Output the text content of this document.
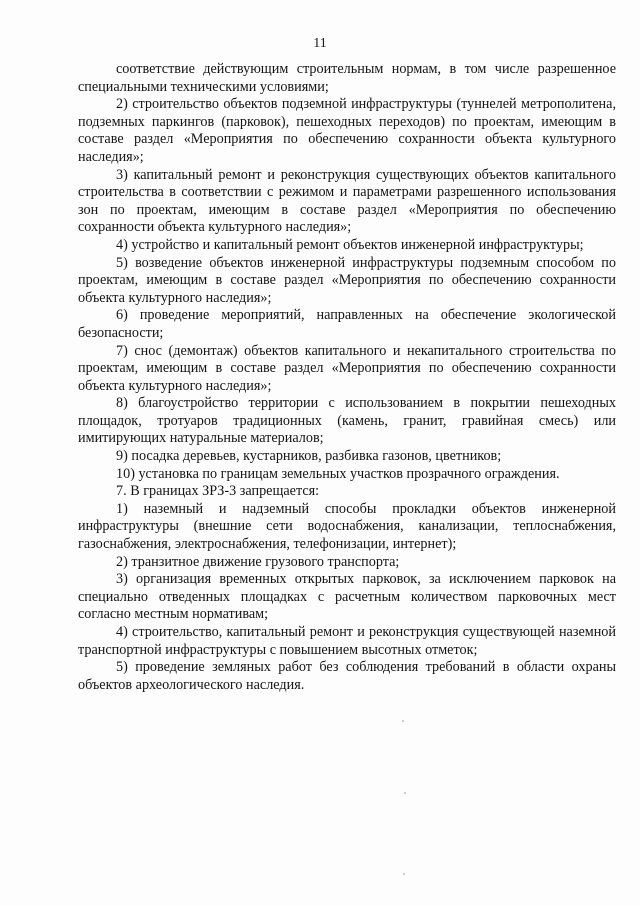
11

соответствие действующим строительным нормам, в том числе разрешенное специальными техническими условиями;

2) строительство объектов подземной инфраструктуры (туннелей метрополитена, подземных паркингов (парковок), пешеходных переходов) по проектам, имеющим в составе раздел «Мероприятия по обеспечению сохранности объекта культурного наследия»;

3) капитальный ремонт и реконструкция существующих объектов капитального строительства в соответствии с режимом и параметрами разрешенного использования зон по проектам, имеющим в составе раздел «Мероприятия по обеспечению сохранности объекта культурного наследия»;

4) устройство и капитальный ремонт объектов инженерной инфраструктуры;

5) возведение объектов инженерной инфраструктуры подземным способом по проектам, имеющим в составе раздел «Мероприятия по обеспечению сохранности объекта культурного наследия»;

6) проведение мероприятий, направленных на обеспечение экологической безопасности;

7) снос (демонтаж) объектов капитального и некапитального строительства по проектам, имеющим в составе раздел «Мероприятия по обеспечению сохранности объекта культурного наследия»;

8) благоустройство территории с использованием в покрытии пешеходных площадок, тротуаров традиционных (камень, гранит, гравийная смесь) или имитирующих натуральные материалов;

9) посадка деревьев, кустарников, разбивка газонов, цветников;

10) установка по границам земельных участков прозрачного ограждения.

7. В границах ЗРЗ-3 запрещается:

1) наземный и надземный способы прокладки объектов инженерной инфраструктуры (внешние сети водоснабжения, канализации, теплоснабжения, газоснабжения, электроснабжения, телефонизации, интернет);

2) транзитное движение грузового транспорта;

3) организация временных открытых парковок, за исключением парковок на специально отведенных площадках с расчетным количеством парковочных мест согласно местным нормативам;

4) строительство, капитальный ремонт и реконструкция существующей наземной транспортной инфраструктуры с повышением высотных отметок;

5) проведение земляных работ без соблюдения требований в области охраны объектов археологического наследия.
